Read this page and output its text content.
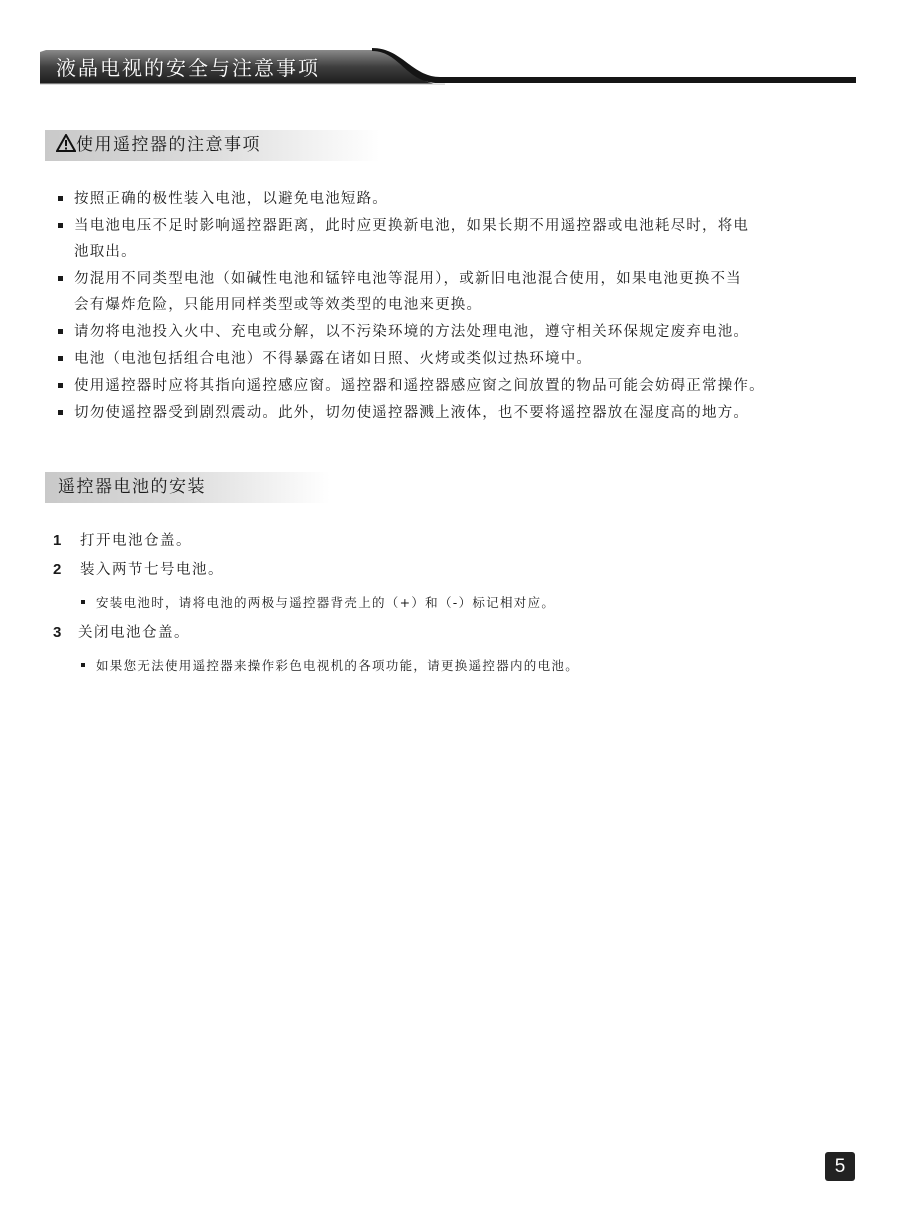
液晶电视的安全与注意事项
使用遥控器的注意事项
按照正确的极性装入电池，以避免电池短路。
当电池电压不足时影响遥控器距离，此时应更换新电池，如果长期不用遥控器或电池耗尽时，将电
池取出。
勿混用不同类型电池（如碱性电池和锰锌电池等混用），或新旧电池混合使用，如果电池更换不当
会有爆炸危险，只能用同样类型或等效类型的电池来更换。
请勿将电池投入火中、充电或分解，以不污染环境的方法处理电池，遵守相关环保规定废弃电池。
电池（电池包括组合电池）不得暴露在诸如日照、火烤或类似过热环境中。
使用遥控器时应将其指向遥控感应窗。遥控器和遥控器感应窗之间放置的物品可能会妨碍正常操作。
切勿使遥控器受到剧烈震动。此外，切勿使遥控器溅上液体，也不要将遥控器放在湿度高的地方。
遥控器电池的安装
1 打开电池仓盖。
2 装入两节七号电池。
安装电池时，请将电池的两极与遥控器背壳上的（+）和（-）标记相对应。
3 关闭电池仓盖。
如果您无法使用遥控器来操作彩色电视机的各项功能，请更换遥控器内的电池。
5
